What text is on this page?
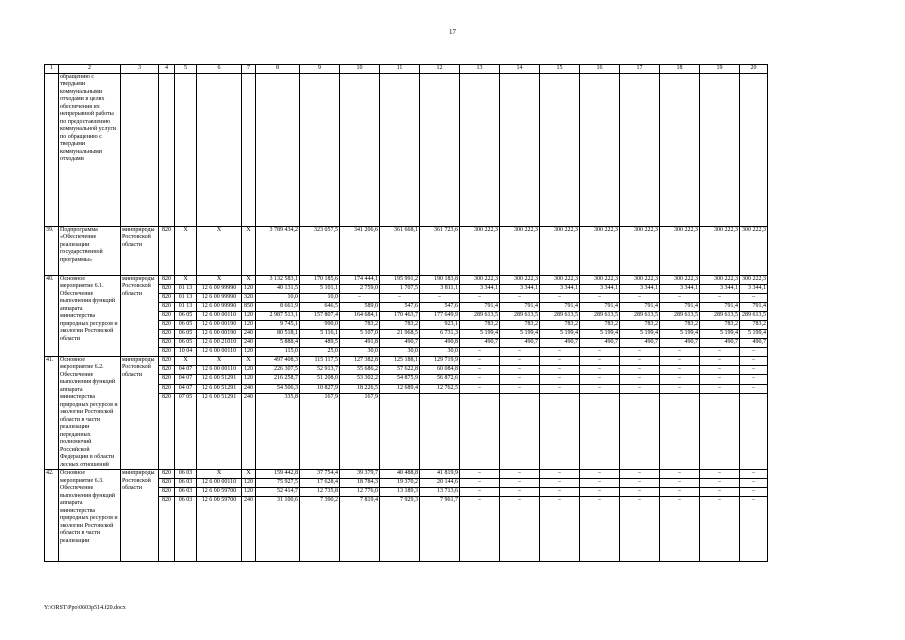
17
1	2	3	4	5	6	7	8	9	10	11	12	13	14	15	16	17	18	19	20
	обращению с твердыми коммунальными отходами в целях обеспечения их непрерывной работы по предоставлению коммунальной услуги по обращению с твердыми коммунальными отходами																		
39.	Подпрограмма «Обеспечение реализации государственной программы»	минприроды Ростовской области	820	Х	Х	Х	3 789 434,2	323 057,5	341 206,6	361 668,1	361 723,6	300 222,3	300 222,3	300 222,3	300 222,3	300 222,3	300 222,3	300 222,3	300 222,3
40.	Основное мероприятие 6.1. Обеспечение выполнения функций аппарата министерства природных ресурсов и экологии Ростовской области	минприроды Ростовской области	820	Х	Х	Х	3 132 583,1	170 185,6	174 444,1	195 991,2	190 183,8	300 222,3	300 222,3	300 222,3	300 222,3	300 222,3	300 222,3	300 222,3	300 222,3
			820	01 13	12 6 00 99990	120	40 131,5	5 101,1	2 759,0	1 707,5	3 811,1	3 344,1	3 344,1	3 344,1	3 344,1	3 344,1	3 344,1	3 344,1	3 344,1
			820	01 13	12 6 00 99990	320	10,0	10,0	–	–	–	–	–	–	–	–	–	–	–
			820	01 13	12 6 00 99990	850	8 661,9	646,5	589,0	547,6	547,6	791,4	791,4	791,4	791,4	791,4	791,4	791,4	791,4
			820	06 05	12 6 00 00110	120	2 987 513,1	157 807,4	164 684,1	170 463,7	177 649,9	289 613,5	289 613,5	289 613,5	289 613,5	289 613,5	289 613,5	289 613,5	289 613,5
			820	06 05	12 6 00 00190	120	9 745,1	990,0	783,2	783,2	923,1	783,2	783,2	783,2	783,2	783,2	783,2	783,2	783,2
			820	06 05	12 6 00 00190	240	80 518,1	5 116,1	5 107,0	21 968,5	6 731,3	5 199,4	5 199,4	5 199,4	5 199,4	5 199,4	5 199,4	5 199,4	5 199,4
			820	06 05	12 6 00 21010	240	5 888,4	489,5	491,8	490,7	490,8	490,7	490,7	490,7	490,7	490,7	490,7	490,7	490,7
			820	10 04	12 6 00 00110	120	115,0	25,0	30,0	30,0	30,0	–	–	–	–	–	–	–	–
41.	Основное мероприятие 6.2. Обеспечение выполнения функций аппарата министерства природных ресурсов и экологии Ростовской области в части реализации переданных полномочий Российской Федерации в области лесных отношений	минприроды Ростовской области	820	Х	Х	Х	497 408,3	115 117,5	127 382,8	125 188,1	129 719,9	–	–	–	–	–	–	–	–
			820	04 07	12 6 00 00110	120	226 307,5	52 913,7	55 686,2	57 622,8	60 084,8	–	–	–	–	–	–	–	–
			820	04 07	12 6 00 51291	120	216 258,7	51 208,0	53 302,2	54 875,9	56 872,6	–	–	–	–	–	–	–	–
			820	04 07	12 6 00 51291	240	54 506,3	10 827,9	18 226,5	12 689,4	12 762,5	–	–	–	–	–	–	–	–
			820	07 05	12 6 00 51291	240	335,8	167,9	167,9										
42.	Основное мероприятие 6.3. Обеспечение выполнения функций аппарата министерства природных ресурсов и экологии Ростовской области в части реализации	минприроды Ростовской области	820	06 03	Х	Х	159 442,8	37 754,4	39 379,7	40 488,8	41 819,9	–	–	–	–	–	–	–	–
			820	06 03	12 6 00 00110	120	75 927,5	17 628,4	18 784,3	19 370,2	20 144,6	–	–	–	–	–	–	–	–
			820	06 03	12 6 00 59700	120	52 414,7	12 735,8	12 776,0	13 189,3	13 713,6	–	–	–	–	–	–	–	–
			820	06 03	12 6 00 59700	240	31 100,6	7 390,2	7 819,4	7 929,3	7 961,7	–	–	–	–	–	–	–	–
Y:\ORST\Ppo\0603p514.f20.docx
